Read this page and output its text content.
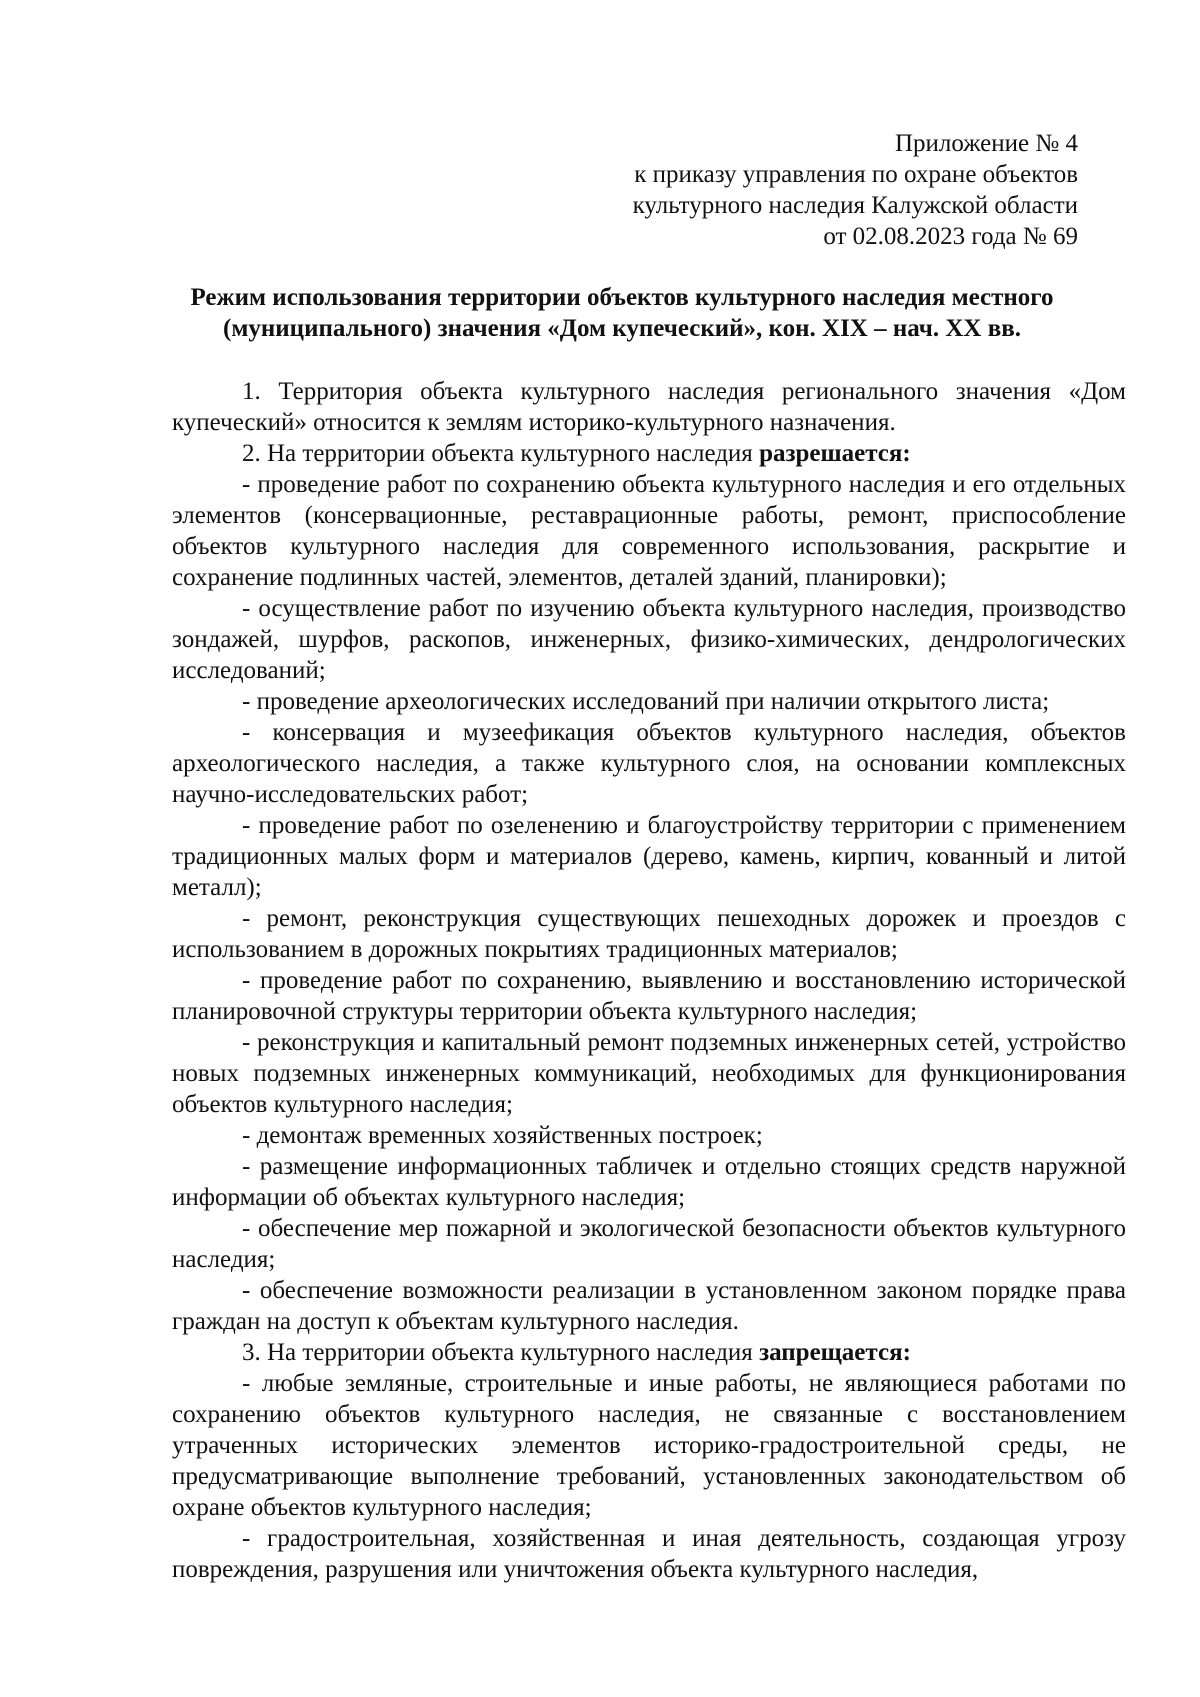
Приложение № 4
к приказу управления по охране объектов
культурного наследия Калужской области
от 02.08.2023 года № 69
Режим использования территории объектов культурного наследия местного
(муниципального) значения «Дом купеческий», кон. XIX – нач. XX вв.

1. Территория объекта культурного наследия регионального значения «Дом купеческий» относится к землям историко-культурного назначения.

2. На территории объекта культурного наследия разрешается:

- проведение работ по сохранению объекта культурного наследия и его отдельных элементов (консервационные, реставрационные работы, ремонт, приспособление объектов культурного наследия для современного использования, раскрытие и сохранение подлинных частей, элементов, деталей зданий, планировки);

- осуществление работ по изучению объекта культурного наследия, производство зондажей, шурфов, раскопов, инженерных, физико-химических, дендрологических исследований;

- проведение археологических исследований при наличии открытого листа;

- консервация и музеефикация объектов культурного наследия, объектов археологического наследия, а также культурного слоя, на основании комплексных научно-исследовательских работ;

- проведение работ по озеленению и благоустройству территории с применением традиционных малых форм и материалов (дерево, камень, кирпич, кованный и литой металл);

- ремонт, реконструкция существующих пешеходных дорожек и проездов с использованием в дорожных покрытиях традиционных материалов;

- проведение работ по сохранению, выявлению и восстановлению исторической планировочной структуры территории объекта культурного наследия;

- реконструкция и капитальный ремонт подземных инженерных сетей, устройство новых подземных инженерных коммуникаций, необходимых для функционирования объектов культурного наследия;

- демонтаж временных хозяйственных построек;

- размещение информационных табличек и отдельно стоящих средств наружной информации об объектах культурного наследия;

- обеспечение мер пожарной и экологической безопасности объектов культурного наследия;

- обеспечение возможности реализации в установленном законом порядке права граждан на доступ к объектам культурного наследия.

3. На территории объекта культурного наследия запрещается:

- любые земляные, строительные и иные работы, не являющиеся работами по сохранению объектов культурного наследия, не связанные с восстановлением утраченных исторических элементов историко-градостроительной среды, не предусматривающие выполнение требований, установленных законодательством об охране объектов культурного наследия;

- градостроительная, хозяйственная и иная деятельность, создающая угрозу повреждения, разрушения или уничтожения объекта культурного наследия,
